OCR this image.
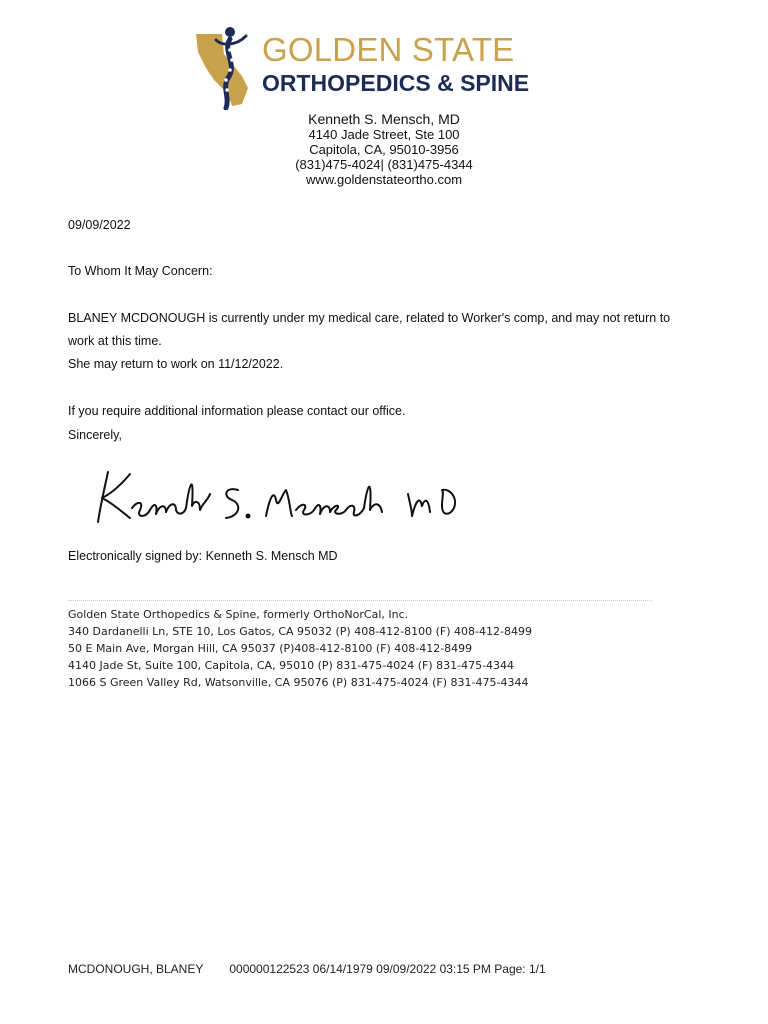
GOLDEN STATE
ORTHOPEDICS & SPINE
Kenneth S. Mensch, MD
4140 Jade Street, Ste 100
Capitola, CA, 95010-3956
(831)475-4024| (831)475-4344
www.goldenstateortho.com
09/09/2022
To Whom It May Concern:
BLANEY MCDONOUGH is currently under my medical care, related to Worker's comp, and may not return to
work at this time.
She may return to work on 11/12/2022.
If you require additional information please contact our office.
Sincerely,
Electronically signed by: Kenneth S. Mensch MD
Golden State Orthopedics & Spine, formerly OrthoNorCal, Inc.
340 Dardanelli Ln, STE 10, Los Gatos, CA 95032 (P) 408-412-8100 (F) 408-412-8499
50 E Main Ave, Morgan Hill, CA 95037 (P)408-412-8100 (F) 408-412-8499
4140 Jade St, Suite 100, Capitola, CA, 95010 (P) 831-475-4024 (F) 831-475-4344
1066 S Green Valley Rd, Watsonville, CA 95076 (P) 831-475-4024 (F) 831-475-4344
MCDONOUGH, BLANEY 000000122523 06/14/1979 09/09/2022 03:15 PM Page: 1/1
